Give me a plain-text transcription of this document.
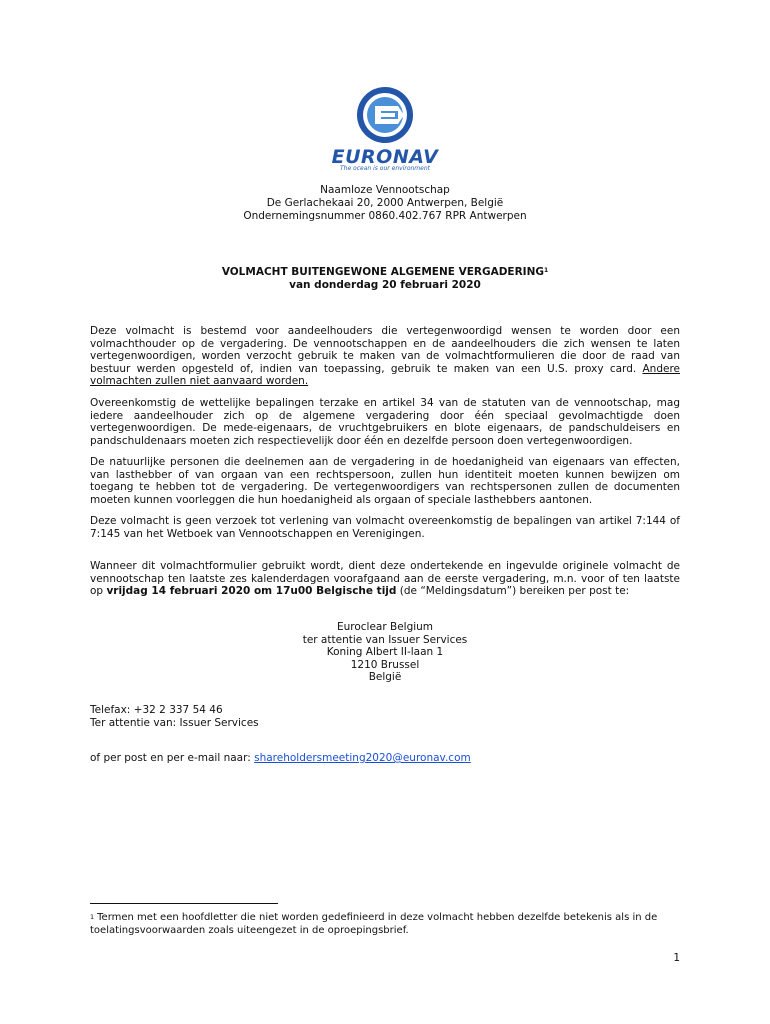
EURONAV
The ocean is our environment
Naamloze Vennootschap
De Gerlachekaai 20, 2000 Antwerpen, België
Ondernemingsnummer 0860.402.767 RPR Antwerpen
VOLMACHT BUITENGEWONE ALGEMENE VERGADERING$^1$
van donderdag 20 februari 2020
Deze volmacht is bestemd voor aandeelhouders die vertegenwoordigd wensen te worden door een volmachthouder op de vergadering. De vennootschappen en de aandeelhouders die zich wensen te laten vertegenwoordigen, worden verzocht gebruik te maken van de volmachtformulieren die door de raad van bestuur werden opgesteld of, indien van toepassing, gebruik te maken van een U.S. proxy card. Andere volmachten zullen niet aanvaard worden.
Overeenkomstig de wettelijke bepalingen terzake en artikel 34 van de statuten van de vennootschap, mag iedere aandeelhouder zich op de algemene vergadering door één speciaal gevolmachtigde doen vertegenwoordigen. De mede-eigenaars, de vruchtgebruikers en blote eigenaars, de pandschuldeisers en pandschuldenaars moeten zich respectievelijk door één en dezelfde persoon doen vertegenwoordigen.
De natuurlijke personen die deelnemen aan de vergadering in de hoedanigheid van eigenaars van effecten, van lasthebber of van orgaan van een rechtspersoon, zullen hun identiteit moeten kunnen bewijzen om toegang te hebben tot de vergadering. De vertegenwoordigers van rechtspersonen zullen de documenten moeten kunnen voorleggen die hun hoedanigheid als orgaan of speciale lasthebbers aantonen.
Deze volmacht is geen verzoek tot verlening van volmacht overeenkomstig de bepalingen van artikel 7:144 of 7:145 van het Wetboek van Vennootschappen en Verenigingen.
Wanneer dit volmachtformulier gebruikt wordt, dient deze ondertekende en ingevulde originele volmacht de vennootschap ten laatste zes kalenderdagen voorafgaand aan de eerste vergadering, m.n. voor of ten laatste op vrijdag 14 februari 2020 om 17u00 Belgische tijd (de “Meldingsdatum”) bereiken per post te:
Euroclear Belgium
ter attentie van Issuer Services
Koning Albert II-laan 1
1210 Brussel
België
Telefax: +32 2 337 54 46
Ter attentie van: Issuer Services
of per post en per e-mail naar: shareholdersmeeting2020@euronav.com
$^1$ Termen met een hoofdletter die niet worden gedefinieerd in deze volmacht hebben dezelfde betekenis als in de toelatingsvoorwaarden zoals uiteengezet in de oproepingsbrief.
1
